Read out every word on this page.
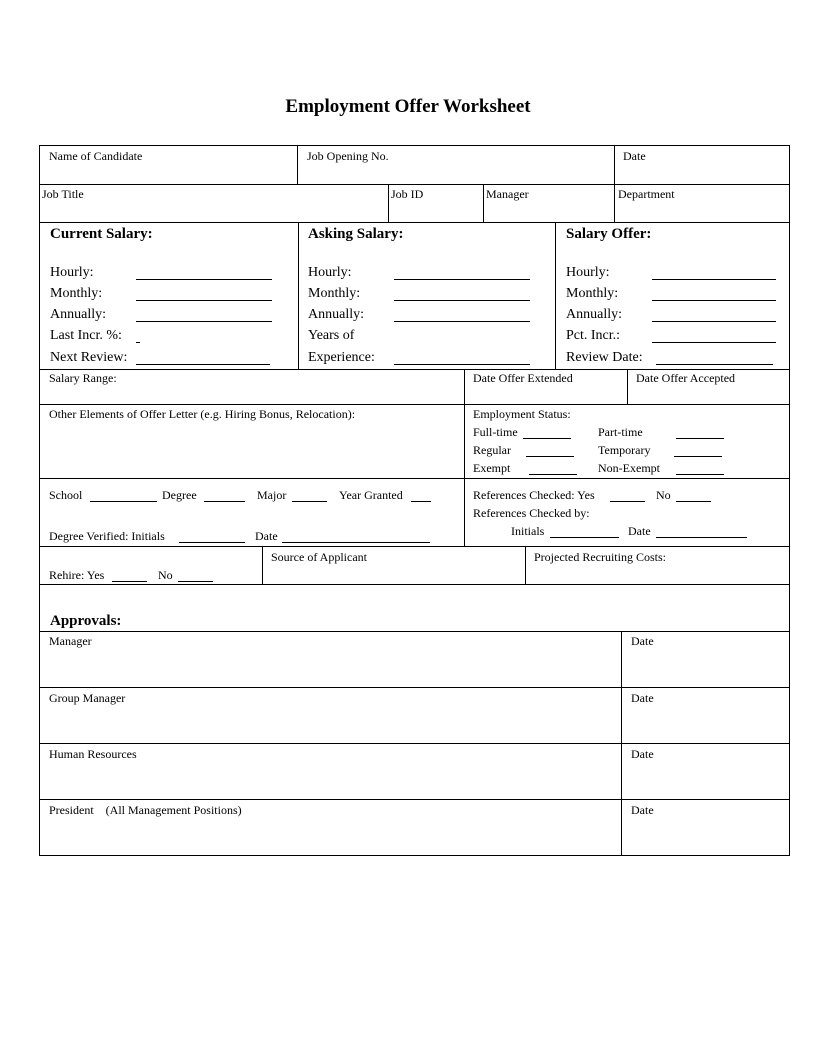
Employment Offer Worksheet
Name of Candidate	Job Opening No.	Date
Job Title	Job ID	Manager	Department
Current Salary:
Hourly:
Monthly:
Annually:
Last Incr. %:
Next Review:
Asking Salary:
Hourly:
Monthly:
Annually:
Years of
Experience:
Salary Offer:
Hourly:
Monthly:
Annually:
Pct. Incr.:
Review Date:
Salary Range:	Date Offer Extended	Date Offer Accepted
Other Elements of Offer Letter (e.g. Hiring Bonus, Relocation):	Employment Status:
Full-time	Part-time
Regular	Temporary
Exempt	Non-Exempt
School	Degree	Major	Year Granted
Degree Verified: Initials	Date
References Checked: Yes	No
References Checked by:
Initials	Date
Rehire: Yes	No
Source of Applicant	Projected Recruiting Costs:
Approvals:
Manager	Date
Group Manager	Date
Human Resources	Date
President    (All Management Positions)	Date
